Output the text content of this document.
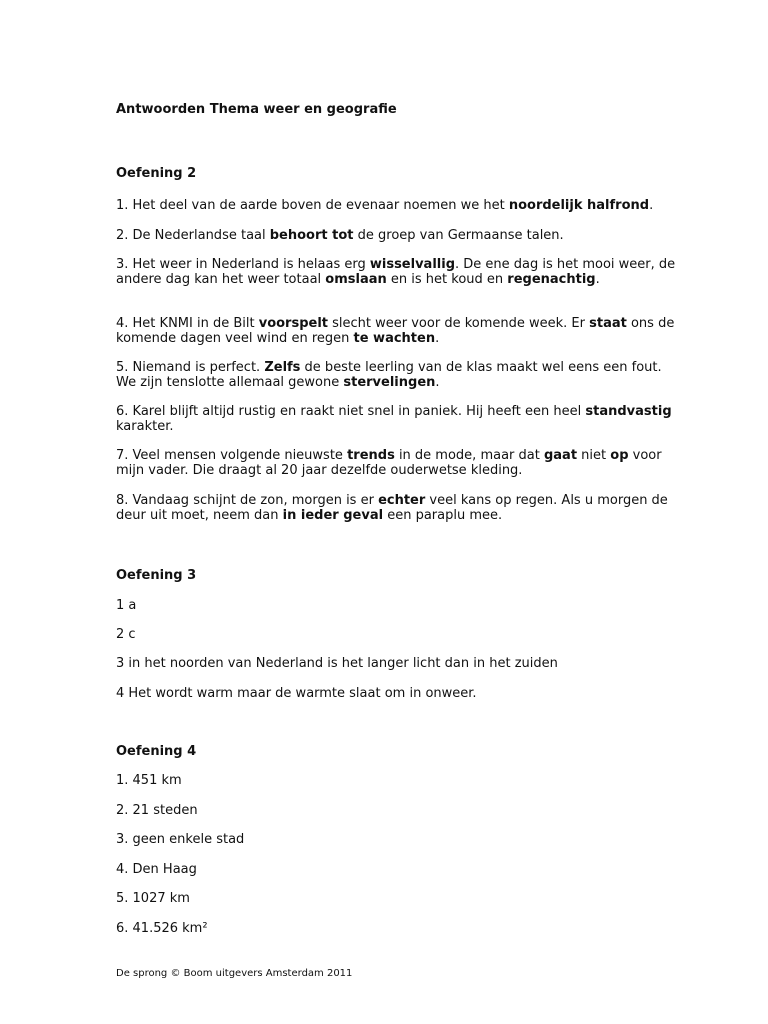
Antwoorden Thema weer en geografie

Oefening 2

1. Het deel van de aarde boven de evenaar noemen we het noordelijk halfrond.

2. De Nederlandse taal behoort tot de groep van Germaanse talen.

3. Het weer in Nederland is helaas erg wisselvallig. De ene dag is het mooi weer, de andere dag kan het weer totaal omslaan en is het koud en regenachtig.

4. Het KNMI in de Bilt voorspelt slecht weer voor de komende week. Er staat ons de komende dagen veel wind en regen te wachten.

5. Niemand is perfect. Zelfs de beste leerling van de klas maakt wel eens een fout. We zijn tenslotte allemaal gewone stervelingen.

6. Karel blijft altijd rustig en raakt niet snel in paniek. Hij heeft een heel standvastig karakter.

7. Veel mensen volgende nieuwste trends in de mode, maar dat gaat niet op voor mijn vader. Die draagt al 20 jaar dezelfde ouderwetse kleding.

8. Vandaag schijnt de zon, morgen is er echter veel kans op regen. Als u morgen de deur uit moet, neem dan in ieder geval een paraplu mee.

Oefening 3

1 a

2 c

3 in het noorden van Nederland is het langer licht dan in het zuiden

4 Het wordt warm maar de warmte slaat om in onweer.

Oefening 4

1. 451 km

2. 21 steden

3. geen enkele stad

4. Den Haag

5. 1027 km

6. 41.526 km²

De sprong © Boom uitgevers Amsterdam 2011
